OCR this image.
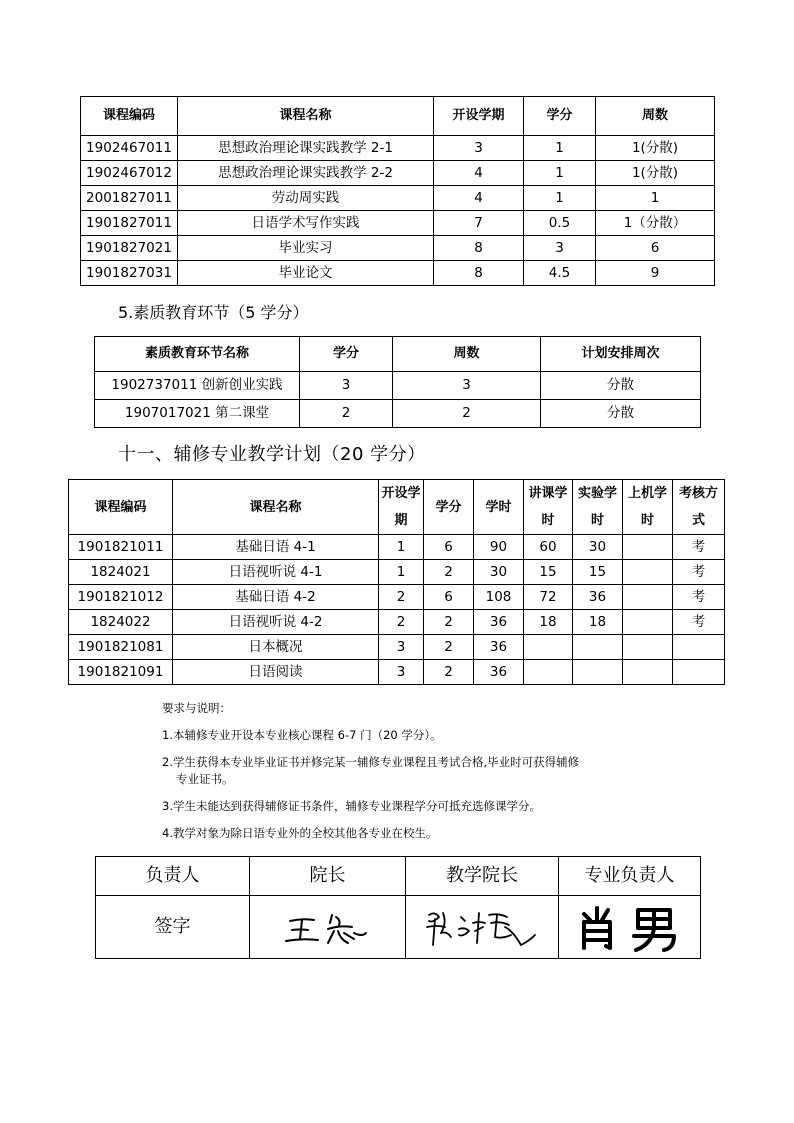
课程编码	课程名称	开设学期	学分	周数
1902467011	思想政治理论课实践教学 2-1	3	1	1(分散)
1902467012	思想政治理论课实践教学 2-2	4	1	1(分散)
2001827011	劳动周实践	4	1	1
1901827011	日语学术写作实践	7	0.5	1（分散）
1901827021	毕业实习	8	3	6
1901827031	毕业论文	8	4.5	9
5.素质教育环节（5 学分）
素质教育环节名称	学分	周数	计划安排周次
1902737011 创新创业实践	3	3	分散
1907017021 第二课堂	2	2	分散
十一、辅修专业教学计划（20 学分）
课程编码	课程名称	开设学期	学分	学时	讲课学时	实验学时	上机学时	考核方式
1901821011	基础日语 4-1	1	6	90	60	30		考
1824021	日语视听说 4-1	1	2	30	15	15		考
1901821012	基础日语 4-2	2	6	108	72	36		考
1824022	日语视听说 4-2	2	2	36	18	18		考
1901821081	日本概况	3	2	36				
1901821091	日语阅读	3	2	36				
要求与说明：
1.本辅修专业开设本专业核心课程 6-7 门（20 学分）。
2.学生获得本专业毕业证书并修完某一辅修专业课程且考试合格,毕业时可获得辅修
专业证书。
3.学生未能达到获得辅修证书条件，辅修专业课程学分可抵充选修课学分。
4.教学对象为除日语专业外的全校其他各专业在校生。
负责人	院长	教学院长	专业负责人
签字	
